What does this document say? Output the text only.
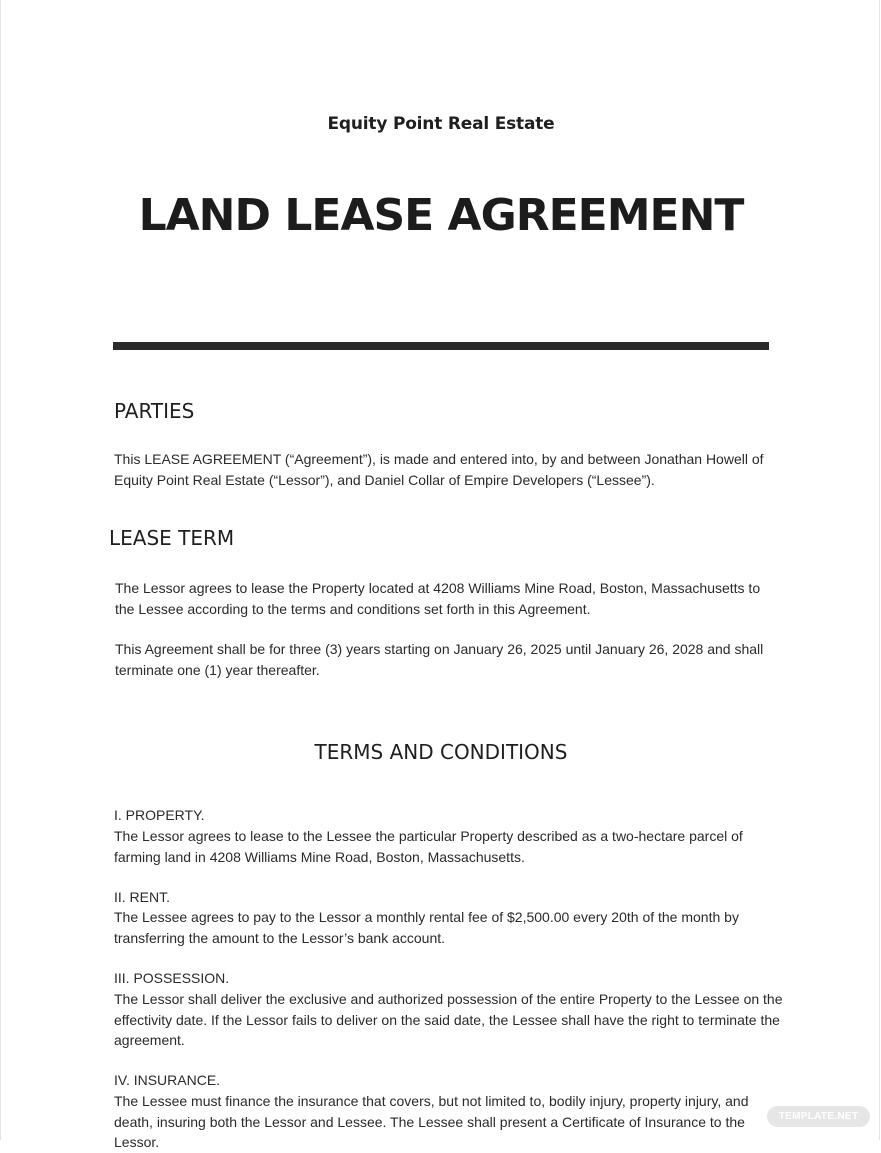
Equity Point Real Estate
LAND LEASE AGREEMENT
PARTIES

This LEASE AGREEMENT (“Agreement”), is made and entered into, by and between Jonathan Howell of Equity Point Real Estate (“Lessor”), and Daniel Collar of Empire Developers (“Lessee”).

LEASE TERM

The Lessor agrees to lease the Property located at 4208 Williams Mine Road, Boston, Massachusetts to the Lessee according to the terms and conditions set forth in this Agreement.

This Agreement shall be for three (3) years starting on January 26, 2025 until January 26, 2028 and shall terminate one (1) year thereafter.

TERMS AND CONDITIONS

I. PROPERTY.

The Lessor agrees to lease to the Lessee the particular Property described as a two-hectare parcel of farming land in 4208 Williams Mine Road, Boston, Massachusetts.

II. RENT.

The Lessee agrees to pay to the Lessor a monthly rental fee of $2,500.00 every 20th of the month by transferring the amount to the Lessor’s bank account.

III. POSSESSION.

The Lessor shall deliver the exclusive and authorized possession of the entire Property to the Lessee on the effectivity date. If the Lessor fails to deliver on the said date, the Lessee shall have the right to terminate the agreement.

IV. INSURANCE.

The Lessee must finance the insurance that covers, but not limited to, bodily injury, property injury, and death, insuring both the Lessor and Lessee. The Lessee shall present a Certificate of Insurance to the Lessor.

TEMPLATE.NET
